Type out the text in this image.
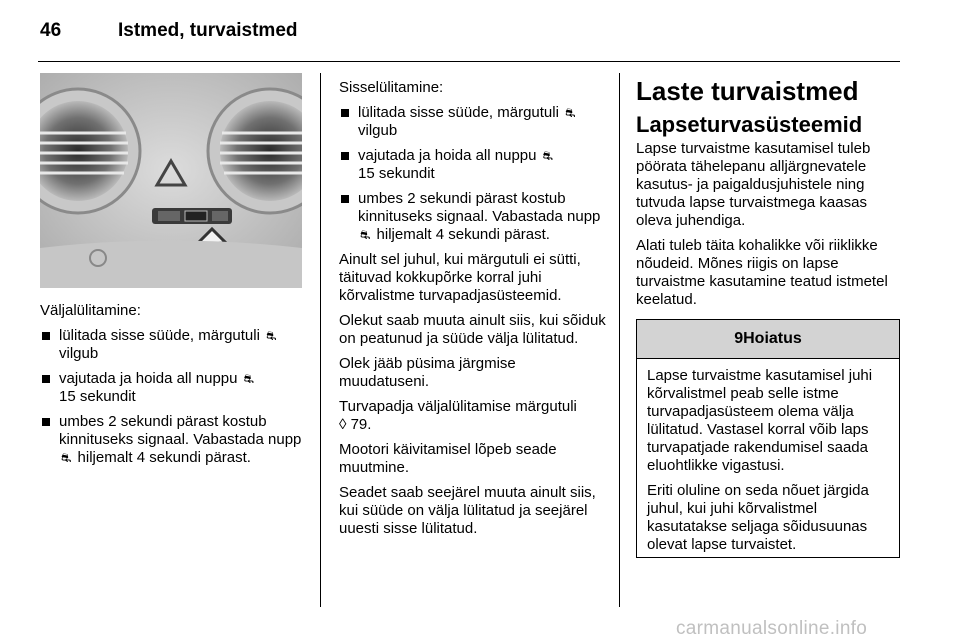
46	Istmed, turvaistmed

Väljalülitamine:

lülitada sisse süüde, märgutuli ⛐
vilgub
vajutada ja hoida all nuppu ⛐
15 sekundit
umbes 2 sekundi pärast kostub kinnituseks signaal. Vabastada nupp ⛐ hiljemalt 4 sekundi pärast.

Sisselülitamine:

lülitada sisse süüde, märgutuli ⛐
vilgub
vajutada ja hoida all nuppu ⛐
15 sekundit
umbes 2 sekundi pärast kostub kinnituseks signaal. Vabastada nupp ⛐ hiljemalt 4 sekundi pärast.

Ainult sel juhul, kui märgutuli ei sütti, täituvad kokkupõrke korral juhi kõrvalistme turvapadjasüsteemid.

Olekut saab muuta ainult siis, kui sõiduk on peatunud ja süüde välja lülitatud.

Olek jääb püsima järgmise muudatuseni.

Turvapadja väljalülitamise märgutuli
◊ 79.

Mootori käivitamisel lõpeb seade muutmine.

Seadet saab seejärel muuta ainult siis, kui süüde on välja lülitatud ja seejärel uuesti sisse lülitatud.

Laste turvaistmed
Lapseturvasüsteemid

Lapse turvaistme kasutamisel tuleb pöörata tähelepanu alljärgnevatele kasutus- ja paigaldusjuhistele ning tutvuda lapse turvaistmega kaasas oleva juhendiga.

Alati tuleb täita kohalikke või riiklikke nõudeid. Mõnes riigis on lapse turvaistme kasutamine teatud istmetel keelatud.

9Hoiatus

Lapse turvaistme kasutamisel juhi kõrvalistmel peab selle istme turvapadjasüsteem olema välja lülitatud. Vastasel korral võib laps turvapatjade rakendumisel saada eluohtlikke vigastusi.

Eriti oluline on seda nõuet järgida juhul, kui juhi kõrvalistmel kasutatakse seljaga sõidusuunas olevat lapse turvaistet.

carmanualsonline.info
